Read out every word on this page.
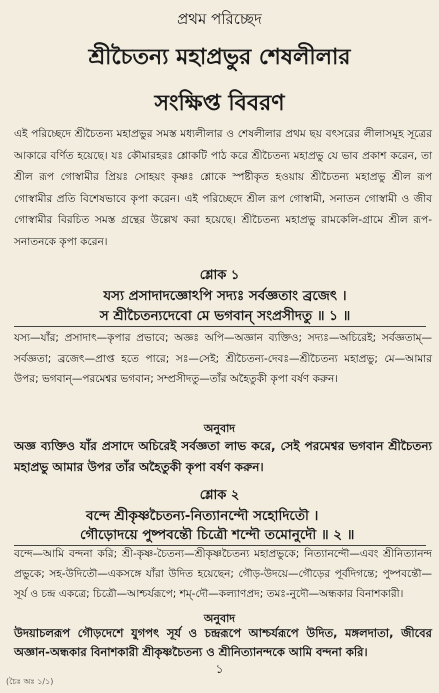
প্রথম পরিচ্ছেদ
শ্রীচৈতন্য মহাপ্রভুর শেষলীলার
সংক্ষিপ্ত বিবরণ
এই পরিচ্ছেদে শ্রীচৈতন্য মহাপ্রভুর সমস্ত মধ্যলীলার ও শেষলীলার প্রথম ছয় বৎসরের লীলাসমূহ সূত্রের আকারে বর্ণিত হয়েছে। যঃ কৌমারহরঃ শ্লোকটি পাঠ করে শ্রীচৈতন্য মহাপ্রভু যে ভাব প্রকাশ করেন, তা শ্রীল রূপ গোস্বামীর প্রিয়ঃ সোহয়ং কৃষ্ণঃ শ্লোকে স্পষ্টীকৃত হওয়ায় শ্রীচৈতন্য মহাপ্রভু শ্রীল রূপ গোস্বামীর প্রতি বিশেষভাবে কৃপা করেন। এই পরিচ্ছেদে শ্রীল রূপ গোস্বামী, সনাতন গোস্বামী ও জীব গোস্বামীর বিরচিত সমস্ত গ্রন্থের উল্লেখ করা হয়েছে। শ্রীচৈতন্য মহাপ্রভু রামকেলি-গ্রামে শ্রীল রূপ-সনাতনকে কৃপা করেন।
শ্লোক ১
যস্য প্রসাদাদজ্ঞোঽপি সদ্যঃ সর্বজ্ঞতাং ব্রজেৎ ।
স শ্রীচৈতন্যদেবো মে ভগবান্ সংপ্রসীদতু ॥ ১ ॥
যস্য—যাঁর; প্রসাদাৎ—কৃপার প্রভাবে; অজ্ঞঃ অপি—অজ্ঞান ব্যক্তিও; সদ্যঃ—অচিরেই; সর্বজ্ঞতাম্—সর্বজ্ঞতা; ব্রজেৎ—প্রাপ্ত হতে পারে; সঃ—সেই; শ্রীচৈতন্য-দেবঃ—শ্রীচৈতন্য মহাপ্রভু; মে—আমার উপর; ভগবান্—পরমেশ্বর ভগবান; সম্প্রসীদতু—তাঁর অহৈতুকী কৃপা বর্ষণ করুন।
অনুবাদ
অজ্ঞ ব্যক্তিও যাঁর প্রসাদে অচিরেই সর্বজ্ঞতা লাভ করে, সেই পরমেশ্বর ভগবান শ্রীচৈতন্য মহাপ্রভু আমার উপর তাঁর অহৈতুকী কৃপা বর্ষণ করুন।
শ্লোক ২
বন্দে শ্রীকৃষ্ণচৈতন্য-নিত্যানন্দৌ সহোদিতৌ ।
গৌড়োদয়ে পুষ্পবন্তৌ চিত্রৌ শন্দৌ তমোনুদৌ ॥ ২ ॥
বন্দে—আমি বন্দনা করি; শ্রী-কৃষ্ণ-চৈতন্য—শ্রীকৃষ্ণচৈতন্য মহাপ্রভুকে; নিত্যানন্দৌ—এবং শ্রীনিত্যানন্দ প্রভুকে; সহ-উদিতৌ—একসঙ্গে যাঁরা উদিত হয়েছেন; গৌড়-উদয়ে—গৌড়ের পূর্বদিগন্তে; পুষ্পবন্তৌ—সূর্য ও চন্দ্র একত্রে; চিত্রৌ—আশ্চর্যরূপে; শম্-দৌ—কল্যাণপ্রদ; তমঃ-নুদৌ—অন্ধকার বিনাশকারী।
অনুবাদ
উদয়াচলরূপ গৌড়দেশে যুগপৎ সূর্য ও চন্দ্ররূপে আশ্চর্যরূপে উদিত, মঙ্গলদাতা, জীবের অজ্ঞান-অন্ধকার বিনাশকারী শ্রীকৃষ্ণচৈতন্য ও শ্রীনিত্যানন্দকে আমি বন্দনা করি।
১
(চৈঃ অঃ ১/১)
